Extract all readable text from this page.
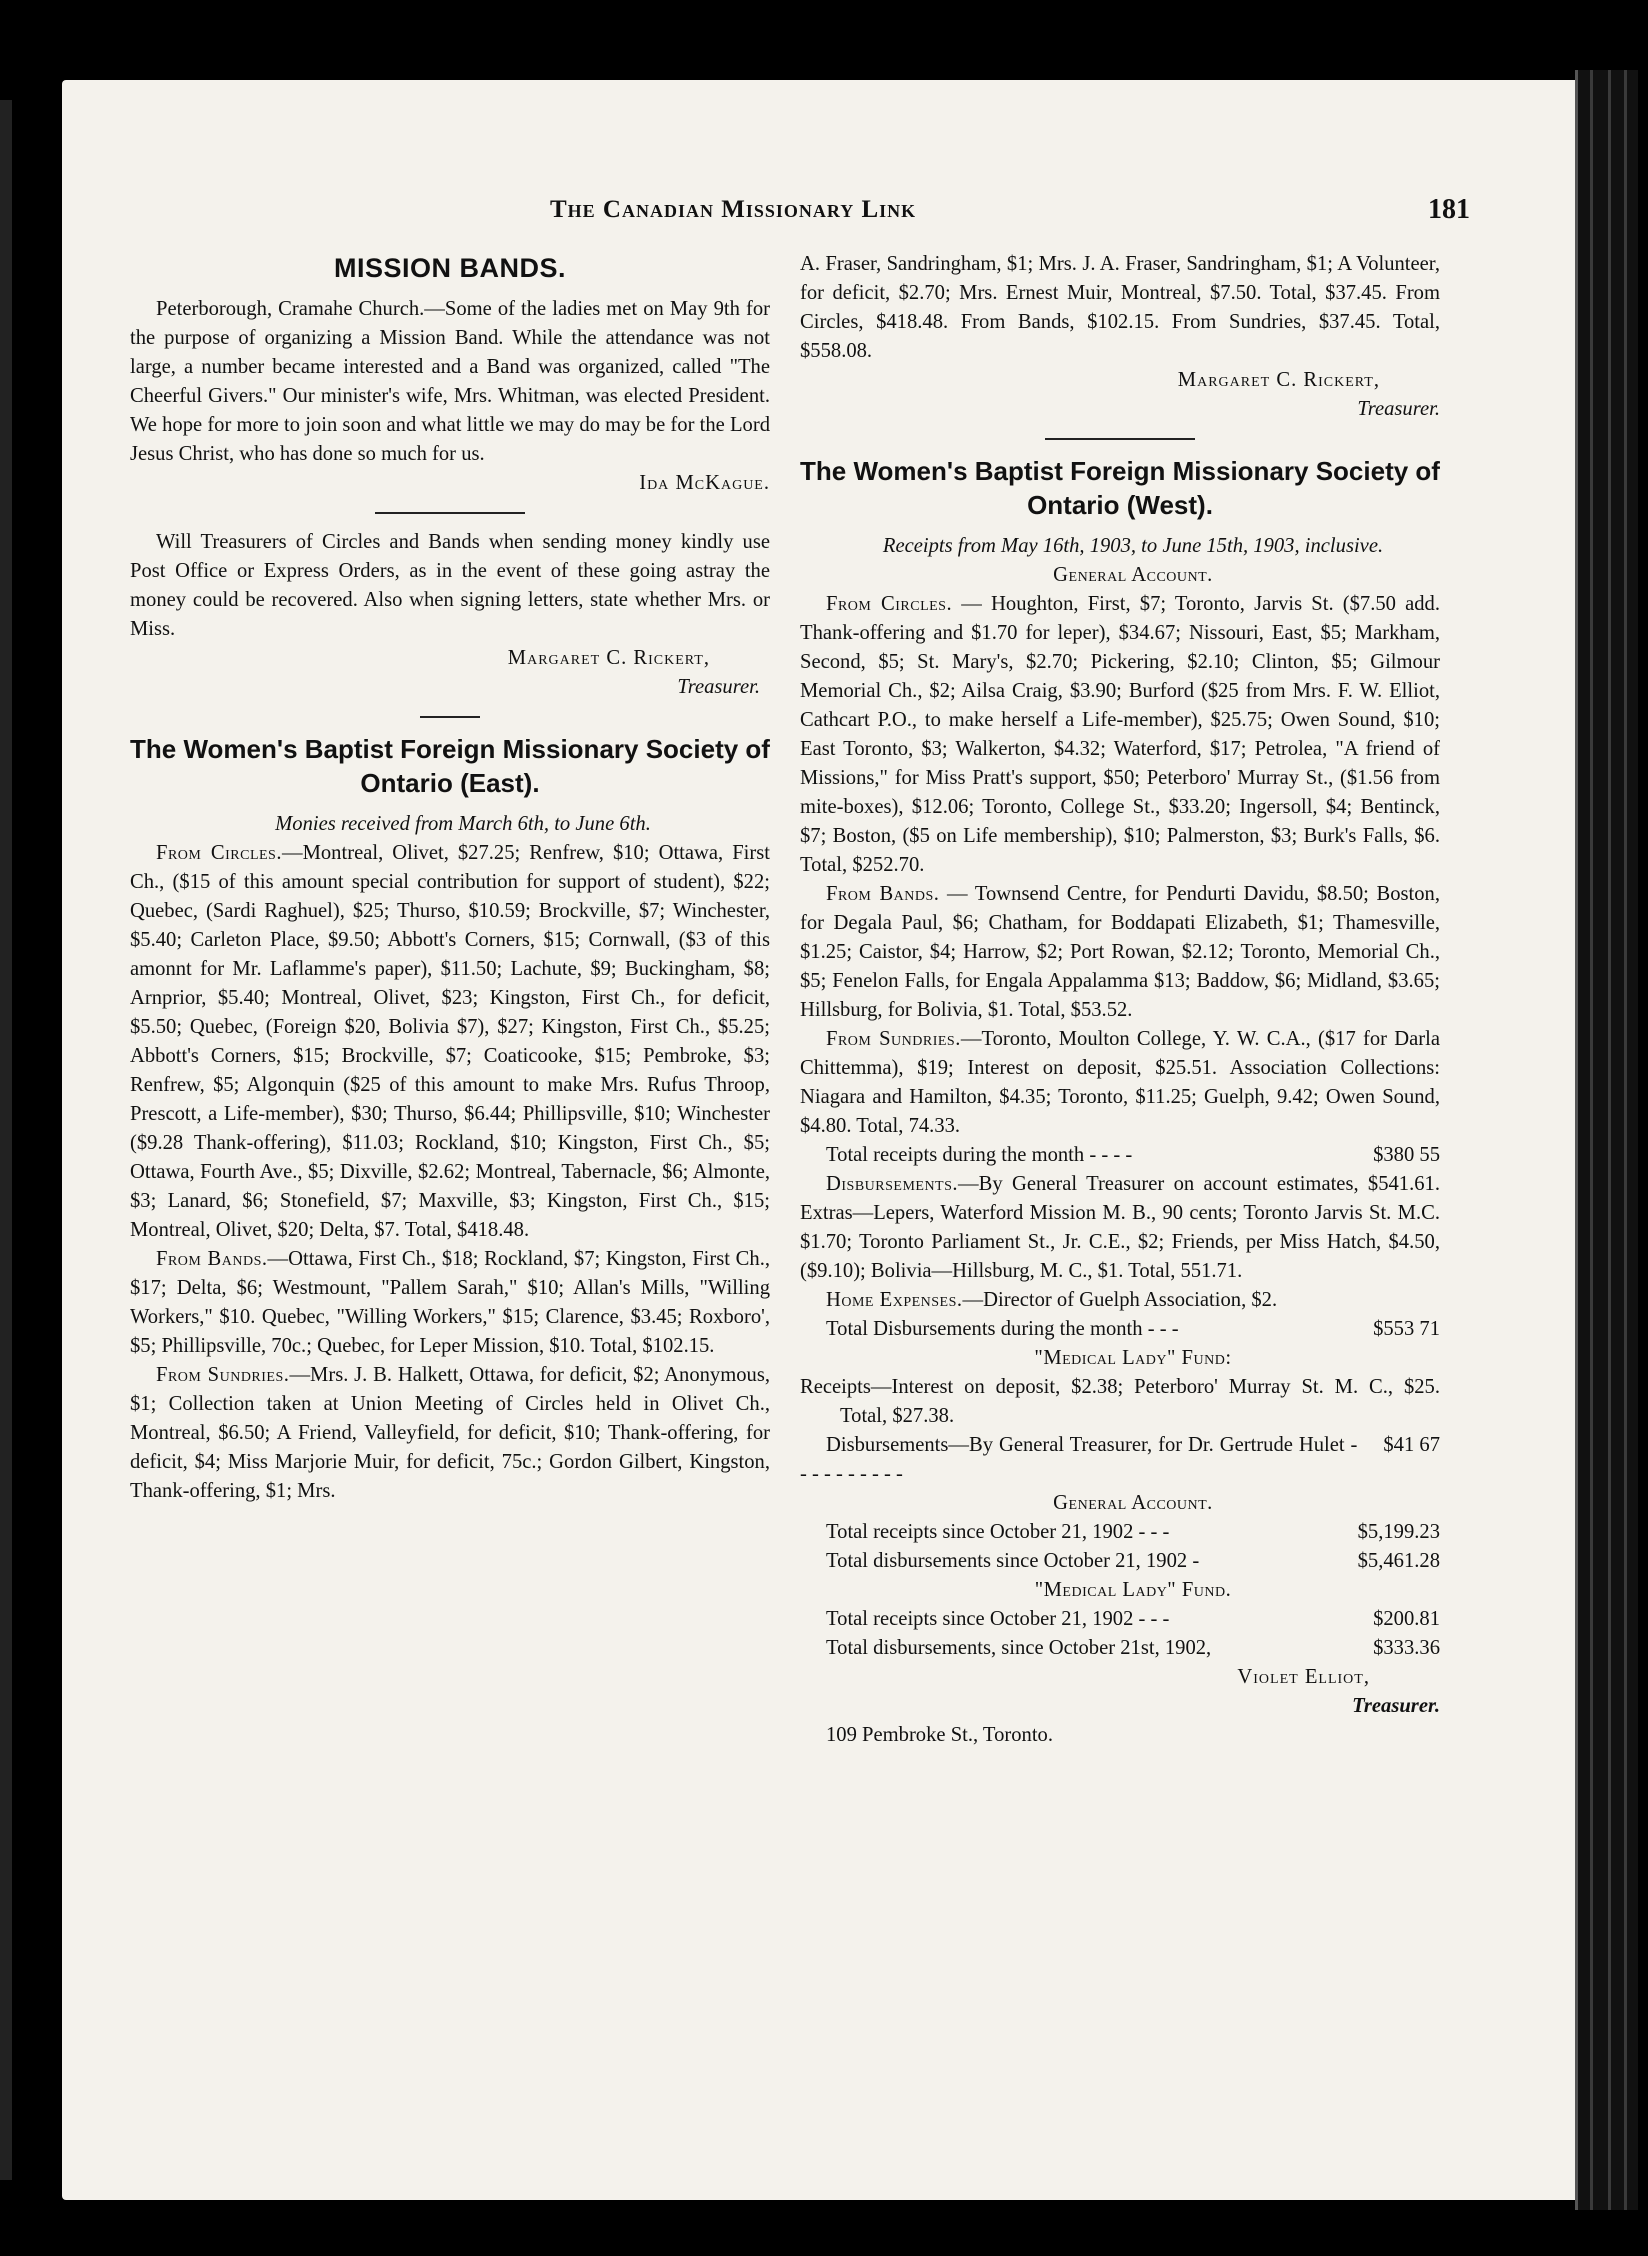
The Canadian Missionary Link	181
MISSION BANDS.

Peterborough, Cramahe Church.—Some of the ladies met on May 9th for the purpose of organizing a Mission Band. While the attendance was not large, a number became interested and a Band was organized, called "The Cheerful Givers." Our minister's wife, Mrs. Whitman, was elected President. We hope for more to join soon and what little we may do may be for the Lord Jesus Christ, who has done so much for us.

Ida McKague.

Will Treasurers of Circles and Bands when sending money kindly use Post Office or Express Orders, as in the event of these going astray the money could be recovered. Also when signing letters, state whether Mrs. or Miss.

Margaret C. Rickert,

Treasurer.

The Women's Baptist Foreign Missionary Society of Ontario (East).

Monies received from March 6th, to June 6th.

From Circles.—Montreal, Olivet, $27.25; Renfrew, $10; Ottawa, First Ch., ($15 of this amount special contribution for support of student), $22; Quebec, (Sardi Raghuel), $25; Thurso, $10.59; Brockville, $7; Winchester, $5.40; Carleton Place, $9.50; Abbott's Corners, $15; Cornwall, ($3 of this amonnt for Mr. Laflamme's paper), $11.50; Lachute, $9; Buckingham, $8; Arnprior, $5.40; Montreal, Olivet, $23; Kingston, First Ch., for deficit, $5.50; Quebec, (Foreign $20, Bolivia $7), $27; Kingston, First Ch., $5.25; Abbott's Corners, $15; Brockville, $7; Coaticooke, $15; Pembroke, $3; Renfrew, $5; Algonquin ($25 of this amount to make Mrs. Rufus Throop, Prescott, a Life-member), $30; Thurso, $6.44; Phillipsville, $10; Winchester ($9.28 Thank-offering), $11.03; Rockland, $10; Kingston, First Ch., $5; Ottawa, Fourth Ave., $5; Dixville, $2.62; Montreal, Tabernacle, $6; Almonte, $3; Lanard, $6; Stonefield, $7; Maxville, $3; Kingston, First Ch., $15; Montreal, Olivet, $20; Delta, $7. Total, $418.48.

From Bands.—Ottawa, First Ch., $18; Rockland, $7; Kingston, First Ch., $17; Delta, $6; Westmount, "Pallem Sarah," $10; Allan's Mills, "Willing Workers," $10. Quebec, "Willing Workers," $15; Clarence, $3.45; Roxboro', $5; Phillipsville, 70c.; Quebec, for Leper Mission, $10. Total, $102.15.

From Sundries.—Mrs. J. B. Halkett, Ottawa, for deficit, $2; Anonymous, $1; Collection taken at Union Meeting of Circles held in Olivet Ch., Montreal, $6.50; A Friend, Valleyfield, for deficit, $10; Thank-offering, for deficit, $4; Miss Marjorie Muir, for deficit, 75c.; Gordon Gilbert, Kingston, Thank-offering, $1; Mrs.

A. Fraser, Sandringham, $1; Mrs. J. A. Fraser, Sandringham, $1; A Volunteer, for deficit, $2.70; Mrs. Ernest Muir, Montreal, $7.50. Total, $37.45. From Circles, $418.48. From Bands, $102.15. From Sundries, $37.45. Total, $558.08.

Margaret C. Rickert,

Treasurer.

The Women's Baptist Foreign Missionary Society of Ontario (West).

Receipts from May 16th, 1903, to June 15th, 1903, inclusive.

General Account.

From Circles. — Houghton, First, $7; Toronto, Jarvis St. ($7.50 add. Thank-offering and $1.70 for leper), $34.67; Nissouri, East, $5; Markham, Second, $5; St. Mary's, $2.70; Pickering, $2.10; Clinton, $5; Gilmour Memorial Ch., $2; Ailsa Craig, $3.90; Burford ($25 from Mrs. F. W. Elliot, Cathcart P.O., to make herself a Life-member), $25.75; Owen Sound, $10; East Toronto, $3; Walkerton, $4.32; Waterford, $17; Petrolea, "A friend of Missions," for Miss Pratt's support, $50; Peterboro' Murray St., ($1.56 from mite-boxes), $12.06; Toronto, College St., $33.20; Ingersoll, $4; Bentinck, $7; Boston, ($5 on Life membership), $10; Palmerston, $3; Burk's Falls, $6. Total, $252.70.

From Bands. — Townsend Centre, for Pendurti Davidu, $8.50; Boston, for Degala Paul, $6; Chatham, for Boddapati Elizabeth, $1; Thamesville, $1.25; Caistor, $4; Harrow, $2; Port Rowan, $2.12; Toronto, Memorial Ch., $5; Fenelon Falls, for Engala Appalamma $13; Baddow, $6; Midland, $3.65; Hillsburg, for Bolivia, $1. Total, $53.52.

From Sundries.—Toronto, Moulton College, Y. W. C.A., ($17 for Darla Chittemma), $19; Interest on deposit, $25.51. Association Collections: Niagara and Hamilton, $4.35; Toronto, $11.25; Guelph, 9.42; Owen Sound, $4.80. Total, 74.33.

Total receipts during the month - - - -	$380 55

Disbursements.—By General Treasurer on account estimates, $541.61. Extras—Lepers, Waterford Mission M. B., 90 cents; Toronto Jarvis St. M.C. $1.70; Toronto Parliament St., Jr. C.E., $2; Friends, per Miss Hatch, $4.50, ($9.10); Bolivia—Hillsburg, M. C., $1. Total, 551.71.

Home Expenses.—Director of Guelph Association, $2.

Total Disbursements during the month - - -	$553 71

"Medical Lady" Fund:

Receipts—Interest on deposit, $2.38; Peterboro' Murray St. M. C., $25. Total, $27.38.

Disbursements—By General Treasurer, for Dr. Gertrude Hulet - - - - - - - - - -
$41 67

General Account.

Total receipts since October 21, 1902 - - -	$5,199.23

Total disbursements since October 21, 1902 -	$5,461.28

"Medical Lady" Fund.

Total receipts since October 21, 1902 - - -	$200.81

Total disbursements, since October 21st, 1902,	$333.36

Violet Elliot,

Treasurer.

109 Pembroke St., Toronto.
